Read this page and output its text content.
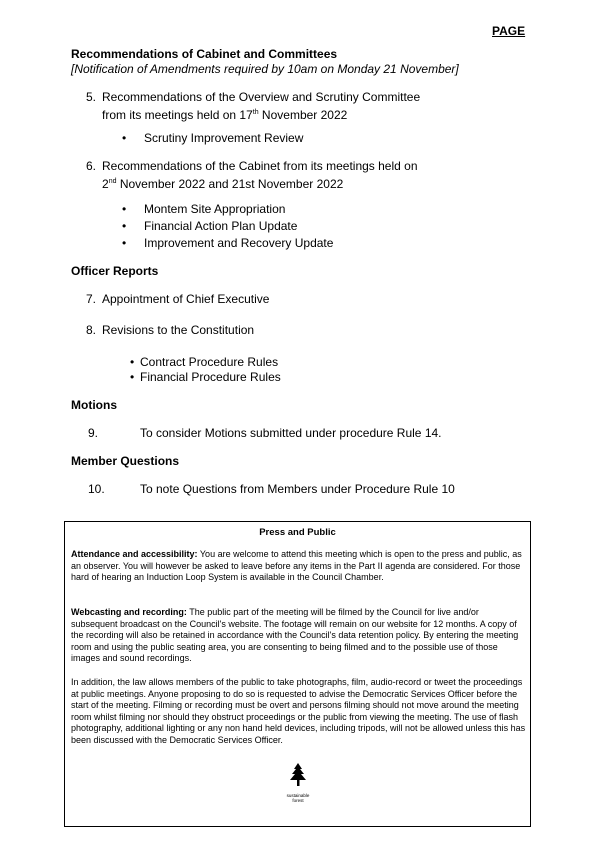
PAGE
Recommendations of Cabinet and Committees
[Notification of Amendments required by 10am on Monday 21 November]
5. Recommendations of the Overview and Scrutiny Committee
from its meetings held on 17th November 2022
• Scrutiny Improvement Review
6. Recommendations of the Cabinet from its meetings held on
2nd November 2022 and 21st November 2022
• Montem Site Appropriation
• Financial Action Plan Update
• Improvement and Recovery Update
Officer Reports
7. Appointment of Chief Executive
8. Revisions to the Constitution
• Contract Procedure Rules
• Financial Procedure Rules
Motions
9.	To consider Motions submitted under procedure Rule 14.
Member Questions
10.	To note Questions from Members under Procedure Rule 10
Press and Public
Attendance and accessibility: You are welcome to attend this meeting which is open to the press and public, as an observer. You will however be asked to leave before any items in the Part II agenda are considered. For those hard of hearing an Induction Loop System is available in the Council Chamber.
Webcasting and recording: The public part of the meeting will be filmed by the Council for live and/or subsequent broadcast on the Council's website. The footage will remain on our website for 12 months. A copy of the recording will also be retained in accordance with the Council's data retention policy. By entering the meeting room and using the public seating area, you are consenting to being filmed and to the possible use of those images and sound recordings.
In addition, the law allows members of the public to take photographs, film, audio-record or tweet the proceedings at public meetings. Anyone proposing to do so is requested to advise the Democratic Services Officer before the start of the meeting. Filming or recording must be overt and persons filming should not move around the meeting room whilst filming nor should they obstruct proceedings or the public from viewing the meeting. The use of flash photography, additional lighting or any non hand held devices, including tripods, will not be allowed unless this has been discussed with the Democratic Services Officer.
sustainable
forest
